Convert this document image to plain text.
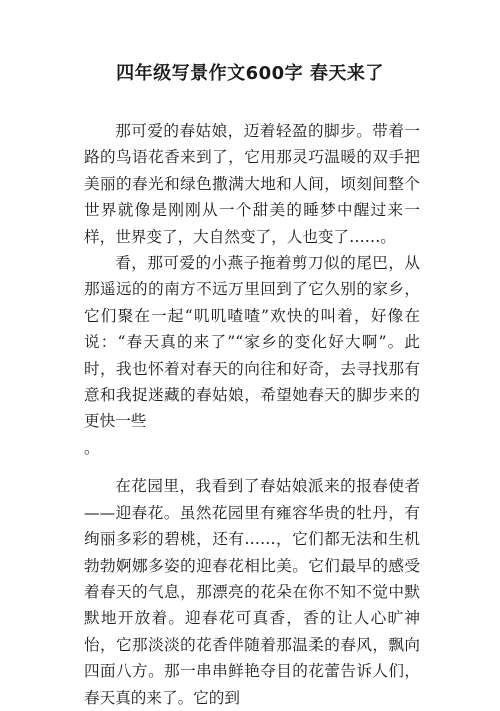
四年级写景作文600字 春天来了

那可爱的春姑娘，迈着轻盈的脚步。带着一路的鸟语花香来到了，它用那灵巧温暖的双手把美丽的春光和绿色撒满大地和人间，顷刻间整个世界就像是刚刚从一个甜美的睡梦中醒过来一样，世界变了，大自然变了，人也变了……。

看，那可爱的小燕子拖着剪刀似的尾巴，从那遥远的的南方不远万里回到了它久别的家乡，它们聚在一起“叽叽喳喳”欢快的叫着，好像在说：“春天真的来了”“家乡的变化好大啊”。此时，我也怀着对春天的向往和好奇，去寻找那有意和我捉迷藏的春姑娘，希望她春天的脚步来的更快一些

。

在花园里，我看到了春姑娘派来的报春使者——迎春花。虽然花园里有雍容华贵的牡丹，有绚丽多彩的碧桃，还有……，它们都无法和生机勃勃婀娜多姿的迎春花相比美。它们最早的感受着春天的气息，那漂亮的花朵在你不知不觉中默默地开放着。迎春花可真香，香的让人心旷神怡，它那淡淡的花香伴随着那温柔的春风，飘向四面八方。那一串串鲜艳夺目的花蕾告诉人们，春天真的来了。它的到
